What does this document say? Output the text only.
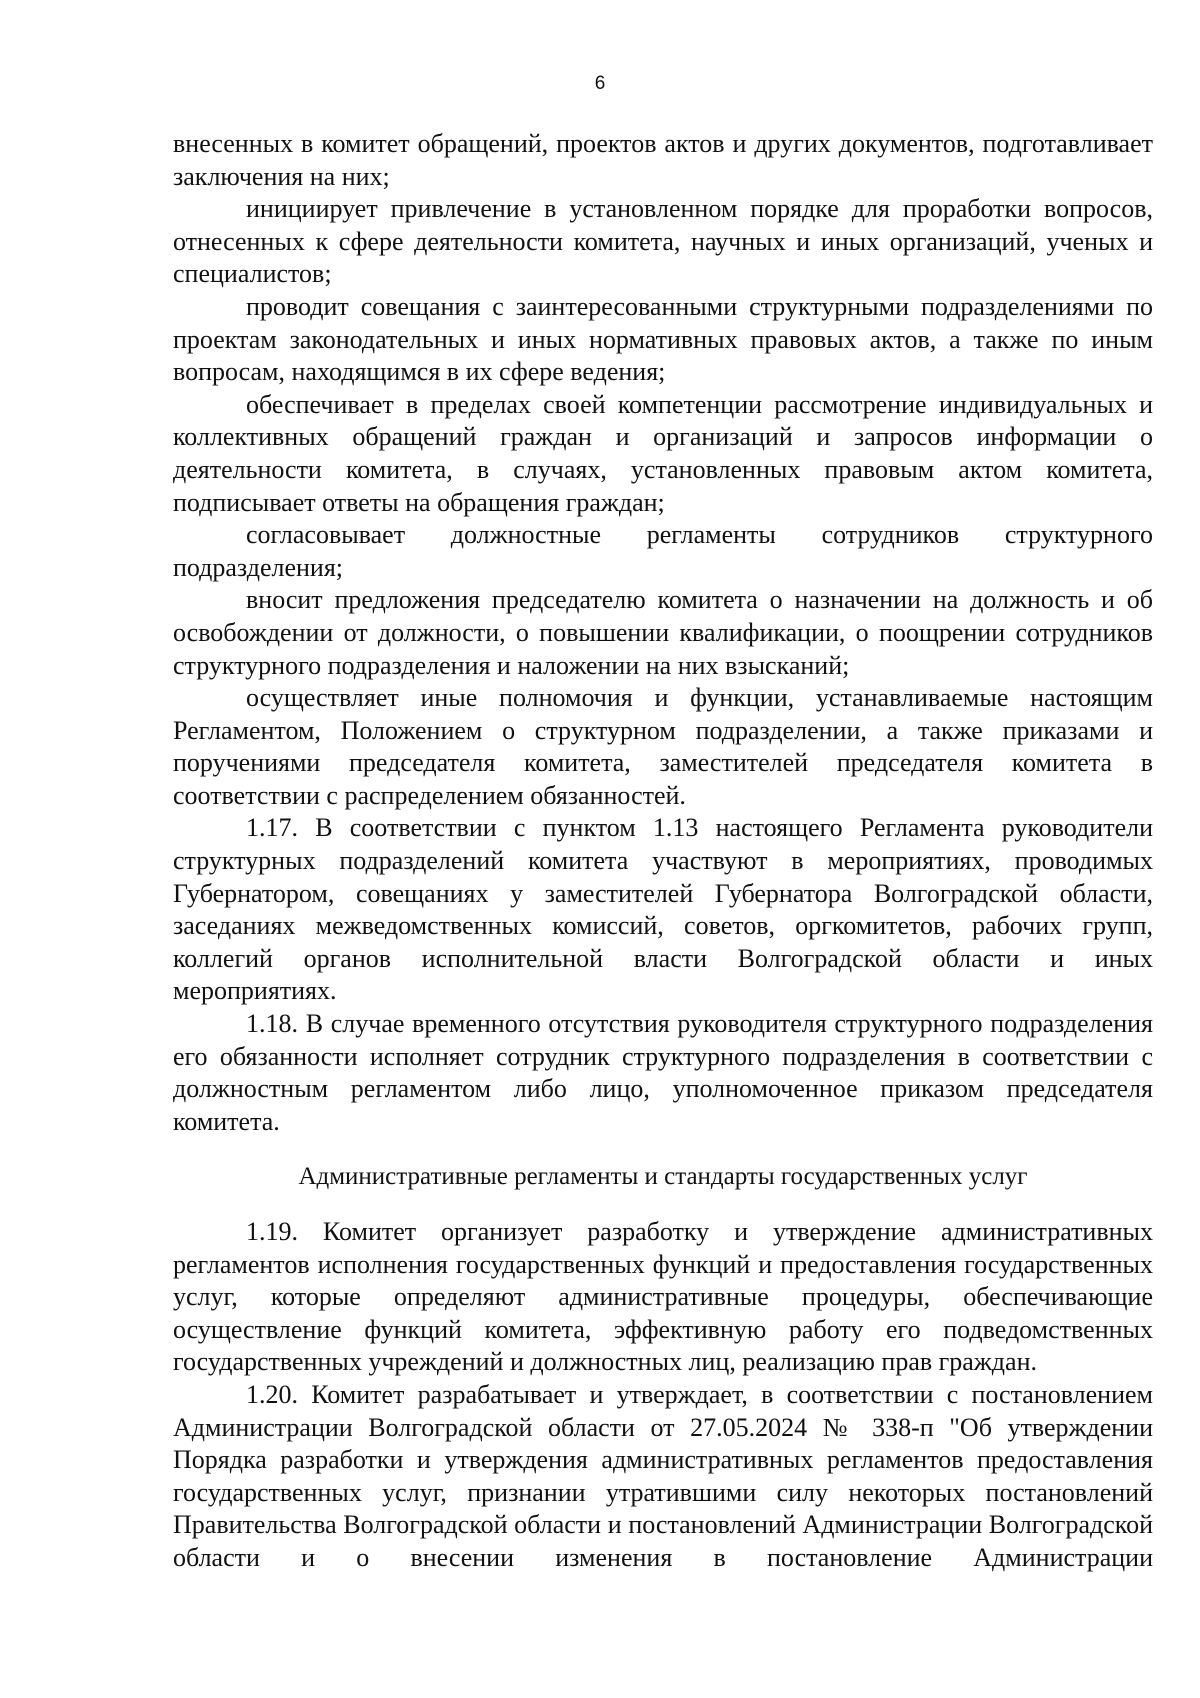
6

внесенных в комитет обращений, проектов актов и других документов, подготавливает заключения на них;

инициирует привлечение в установленном порядке для проработки вопросов, отнесенных к сфере деятельности комитета, научных и иных организаций, ученых и специалистов;

проводит совещания с заинтересованными структурными подразделениями по проектам законодательных и иных нормативных правовых актов, а также по иным вопросам, находящимся в их сфере ведения;

обеспечивает в пределах своей компетенции рассмотрение индивидуальных и коллективных обращений граждан и организаций и запросов информации о деятельности комитета, в случаях, установленных правовым актом комитета, подписывает ответы на обращения граждан;

согласовывает должностные регламенты сотрудников структурного подразделения;

вносит предложения председателю комитета о назначении на должность и об освобождении от должности, о повышении квалификации, о поощрении сотрудников структурного подразделения и наложении на них взысканий;

осуществляет иные полномочия и функции, устанавливаемые настоящим Регламентом, Положением о структурном подразделении, а также приказами и поручениями председателя комитета, заместителей председателя комитета в соответствии с распределением обязанностей.

1.17. В соответствии с пунктом 1.13 настоящего Регламента руководители структурных подразделений комитета участвуют в мероприятиях, проводимых Губернатором, совещаниях у заместителей Губернатора Волгоградской области, заседаниях межведомственных комиссий, советов, оргкомитетов, рабочих групп, коллегий органов исполнительной власти Волгоградской области и иных мероприятиях.

1.18. В случае временного отсутствия руководителя структурного подразделения его обязанности исполняет сотрудник структурного подразделения в соответствии с должностным регламентом либо лицо, уполномоченное приказом председателя комитета.

Административные регламенты и стандарты государственных услуг

1.19. Комитет организует разработку и утверждение административных регламентов исполнения государственных функций и предоставления государственных услуг, которые определяют административные процедуры, обеспечивающие осуществление функций комитета, эффективную работу его подведомственных государственных учреждений и должностных лиц, реализацию прав граждан.

1.20. Комитет разрабатывает и утверждает, в соответствии с постановлением Администрации Волгоградской области от 27.05.2024 № 338-п "Об утверждении Порядка разработки и утверждения административных регламентов предоставления государственных услуг, признании утратившими силу некоторых постановлений Правительства Волгоградской области и постановлений Администрации Волгоградской области и о внесении изменения в постановление Администрации
